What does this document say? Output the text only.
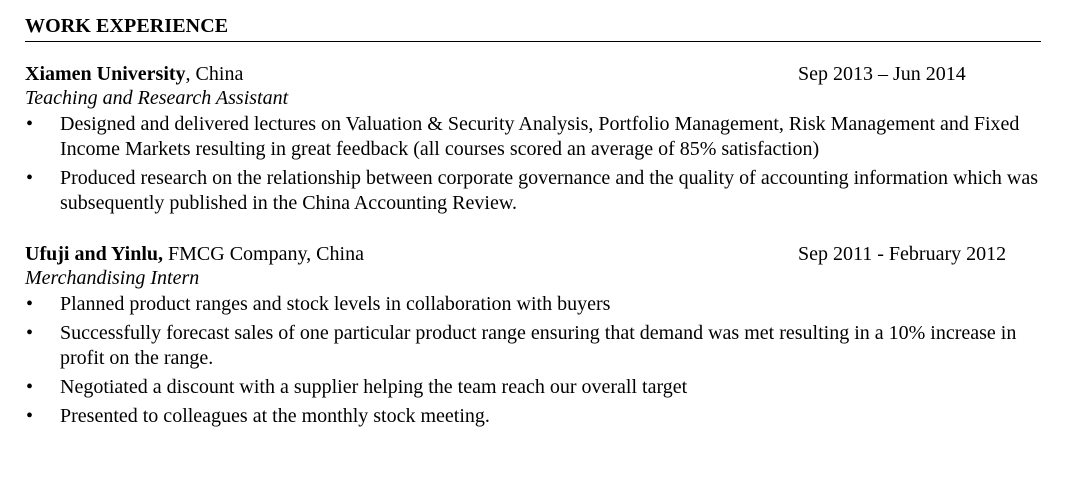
WORK EXPERIENCE
Xiamen University, China	Sep 2013 – Jun 2014
Teaching and Research Assistant
• Designed and delivered lectures on Valuation & Security Analysis, Portfolio Management, Risk Management and Fixed Income Markets resulting in great feedback (all courses scored an average of 85% satisfaction)
• Produced research on the relationship between corporate governance and the quality of accounting information which was subsequently published in the China Accounting Review.
Ufuji and Yinlu, FMCG Company, China	Sep 2011 - February 2012
Merchandising Intern
• Planned product ranges and stock levels in collaboration with buyers
• Successfully forecast sales of one particular product range ensuring that demand was met resulting in a 10% increase in profit on the range.
• Negotiated a discount with a supplier helping the team reach our overall target
• Presented to colleagues at the monthly stock meeting.
